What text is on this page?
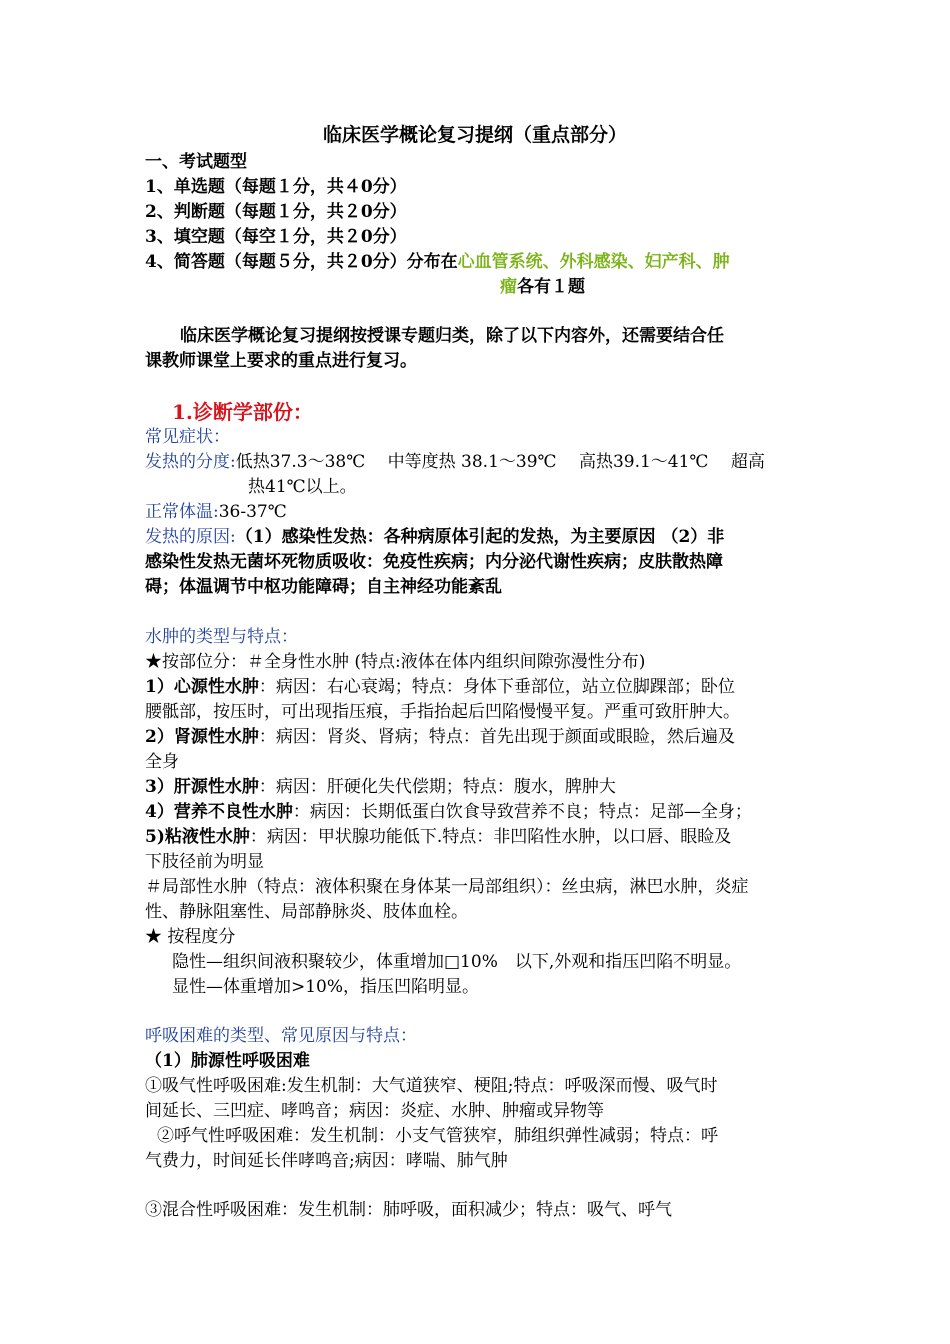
临床医学概论复习提纲（重点部分）
一、考试题型
1、单选题（每题１分，共４0分）
2、判断题（每题１分，共２0分）
3、填空题（每空１分，共２0分）
4、简答题（每题５分，共２0分）分布在心血管系统、外科感染、妇产科、肿
瘤各有１题
临床医学概论复习提纲按授课专题归类，除了以下内容外，还需要结合任
课教师课堂上要求的重点进行复习。
1.诊断学部份：
常见症状：
发热的分度:低热37.3～38℃　 中等度热 38.1～39℃　 高热39.1～41℃　 超高
热41℃以上。
正常体温:36-37℃
发热的原因:（1）感染性发热：各种病原体引起的发热，为主要原因 （2）非
感染性发热无菌坏死物质吸收：免疫性疾病；内分泌代谢性疾病；皮肤散热障
碍；体温调节中枢功能障碍；自主神经功能紊乱
水肿的类型与特点：
★按部位分：＃全身性水肿 (特点:液体在体内组织间隙弥漫性分布)
1）心源性水肿：病因：右心衰竭；特点：身体下垂部位，站立位脚踝部；卧位
腰骶部，按压时，可出现指压痕，手指抬起后凹陷慢慢平复。严重可致肝肿大。
2）肾源性水肿：病因：肾炎、肾病；特点：首先出现于颜面或眼睑，然后遍及
全身
3）肝源性水肿：病因：肝硬化失代偿期；特点：腹水，脾肿大
4）营养不良性水肿：病因：长期低蛋白饮食导致营养不良；特点：足部—全身；
5)粘液性水肿：病因：甲状腺功能低下.特点：非凹陷性水肿，以口唇、眼睑及
下肢径前为明显
＃局部性水肿（特点：液体积聚在身体某一局部组织）：丝虫病，淋巴水肿，炎症
性、静脉阻塞性、局部静脉炎、肢体血栓。
★ 按程度分
隐性—组织间液积聚较少，体重增加□10%　以下,外观和指压凹陷不明显。
显性—体重增加>10%，指压凹陷明显。
呼吸困难的类型、常见原因与特点：
（1）肺源性呼吸困难
①吸气性呼吸困难:发生机制：大气道狭窄、梗阻;特点：呼吸深而慢、吸气时
间延长、三凹症、哮鸣音；病因：炎症、水肿、肿瘤或异物等
②呼气性呼吸困难：发生机制：小支气管狭窄，肺组织弹性减弱；特点：呼
气费力，时间延长伴哮鸣音;病因：哮喘、肺气肿
③混合性呼吸困难：发生机制：肺呼吸，面积减少；特点：吸气、呼气
